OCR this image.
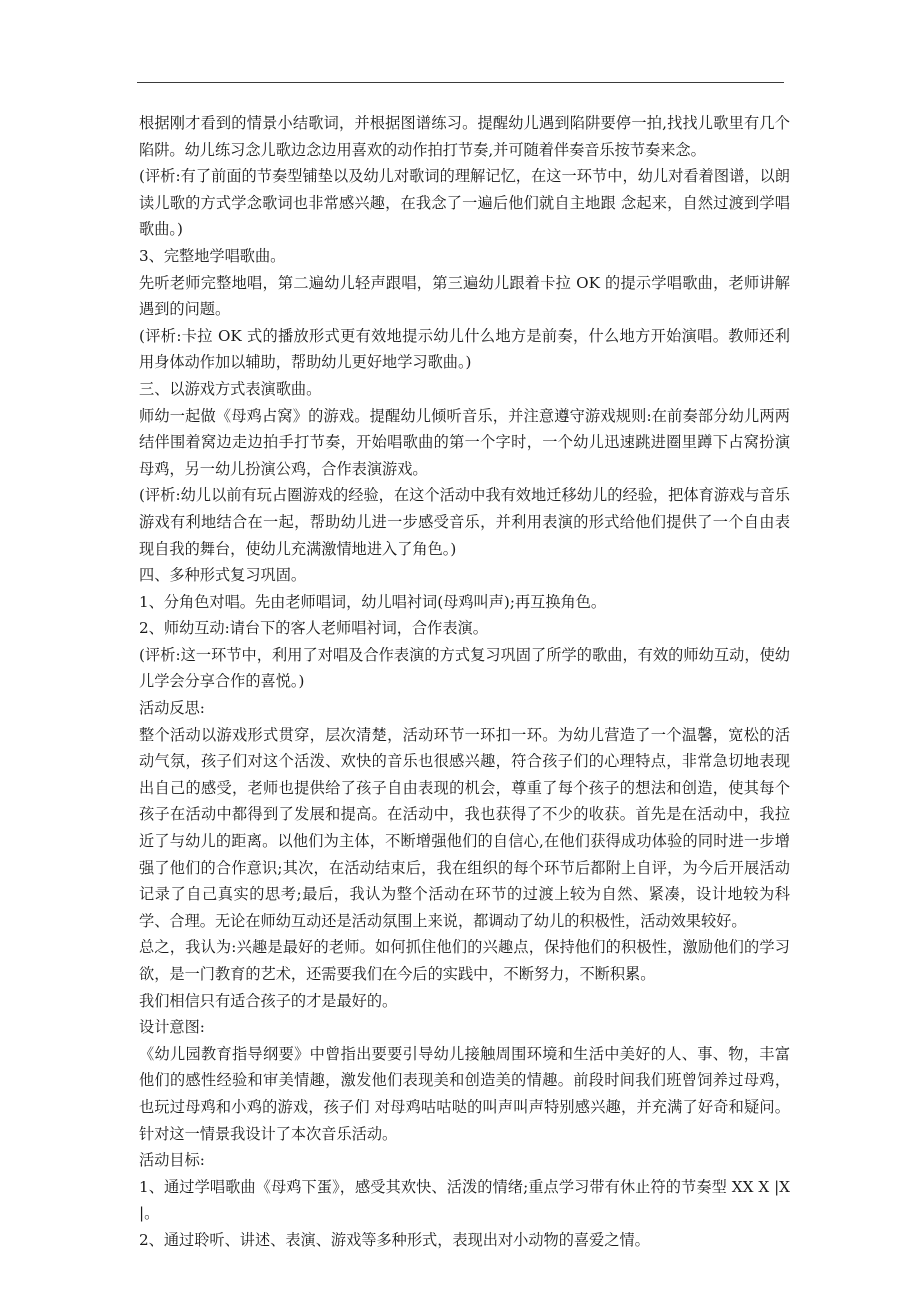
根据刚才看到的情景小结歌词，并根据图谱练习。提醒幼儿遇到陷阱要停一拍,找找儿歌里有几个陷阱。幼儿练习念儿歌边念边用喜欢的动作拍打节奏,并可随着伴奏音乐按节奏来念。

(评析:有了前面的节奏型铺垫以及幼儿对歌词的理解记忆，在这一环节中，幼儿对看着图谱，以朗读儿歌的方式学念歌词也非常感兴趣，在我念了一遍后他们就自主地跟 念起来，自然过渡到学唱歌曲。)

3、完整地学唱歌曲。

先听老师完整地唱，第二遍幼儿轻声跟唱，第三遍幼儿跟着卡拉 OK 的提示学唱歌曲，老师讲解遇到的问题。

(评析:卡拉 OK 式的播放形式更有效地提示幼儿什么地方是前奏，什么地方开始演唱。教师还利用身体动作加以辅助，帮助幼儿更好地学习歌曲。)

三、以游戏方式表演歌曲。

师幼一起做《母鸡占窝》的游戏。提醒幼儿倾听音乐，并注意遵守游戏规则:在前奏部分幼儿两两结伴围着窝边走边拍手打节奏，开始唱歌曲的第一个字时，一个幼儿迅速跳进圈里蹲下占窝扮演母鸡，另一幼儿扮演公鸡，合作表演游戏。

(评析:幼儿以前有玩占圈游戏的经验，在这个活动中我有效地迁移幼儿的经验，把体育游戏与音乐游戏有利地结合在一起，帮助幼儿进一步感受音乐，并利用表演的形式给他们提供了一个自由表现自我的舞台，使幼儿充满激情地进入了角色。)

四、多种形式复习巩固。

1、分角色对唱。先由老师唱词，幼儿唱衬词(母鸡叫声);再互换角色。

2、师幼互动:请台下的客人老师唱衬词，合作表演。

(评析:这一环节中，利用了对唱及合作表演的方式复习巩固了所学的歌曲，有效的师幼互动，使幼儿学会分享合作的喜悦。)

活动反思:

整个活动以游戏形式贯穿，层次清楚，活动环节一环扣一环。为幼儿营造了一个温馨，宽松的活动气氛，孩子们对这个活泼、欢快的音乐也很感兴趣，符合孩子们的心理特点，非常急切地表现出自己的感受，老师也提供给了孩子自由表现的机会，尊重了每个孩子的想法和创造，使其每个孩子在活动中都得到了发展和提高。在活动中，我也获得了不少的收获。首先是在活动中，我拉近了与幼儿的距离。以他们为主体，不断增强他们的自信心,在他们获得成功体验的同时进一步增强了他们的合作意识;其次，在活动结束后，我在组织的每个环节后都附上自评，为今后开展活动记录了自己真实的思考;最后，我认为整个活动在环节的过渡上较为自然、紧凑，设计地较为科学、合理。无论在师幼互动还是活动氛围上来说，都调动了幼儿的积极性，活动效果较好。

总之，我认为:兴趣是最好的老师。如何抓住他们的兴趣点，保持他们的积极性，激励他们的学习欲，是一门教育的艺术，还需要我们在今后的实践中，不断努力，不断积累。

我们相信只有适合孩子的才是最好的。

设计意图:

《幼儿园教育指导纲要》中曾指出要要引导幼儿接触周围环境和生活中美好的人、事、物，丰富他们的感性经验和审美情趣，激发他们表现美和创造美的情趣。前段时间我们班曾饲养过母鸡，也玩过母鸡和小鸡的游戏，孩子们 对母鸡咕咕哒的叫声叫声特别感兴趣，并充满了好奇和疑问。针对这一情景我设计了本次音乐活动。

活动目标:

1、通过学唱歌曲《母鸡下蛋》，感受其欢快、活泼的情绪;重点学习带有休止符的节奏型 XX X |X |。

2、通过聆听、讲述、表演、游戏等多种形式，表现出对小动物的喜爱之情。
